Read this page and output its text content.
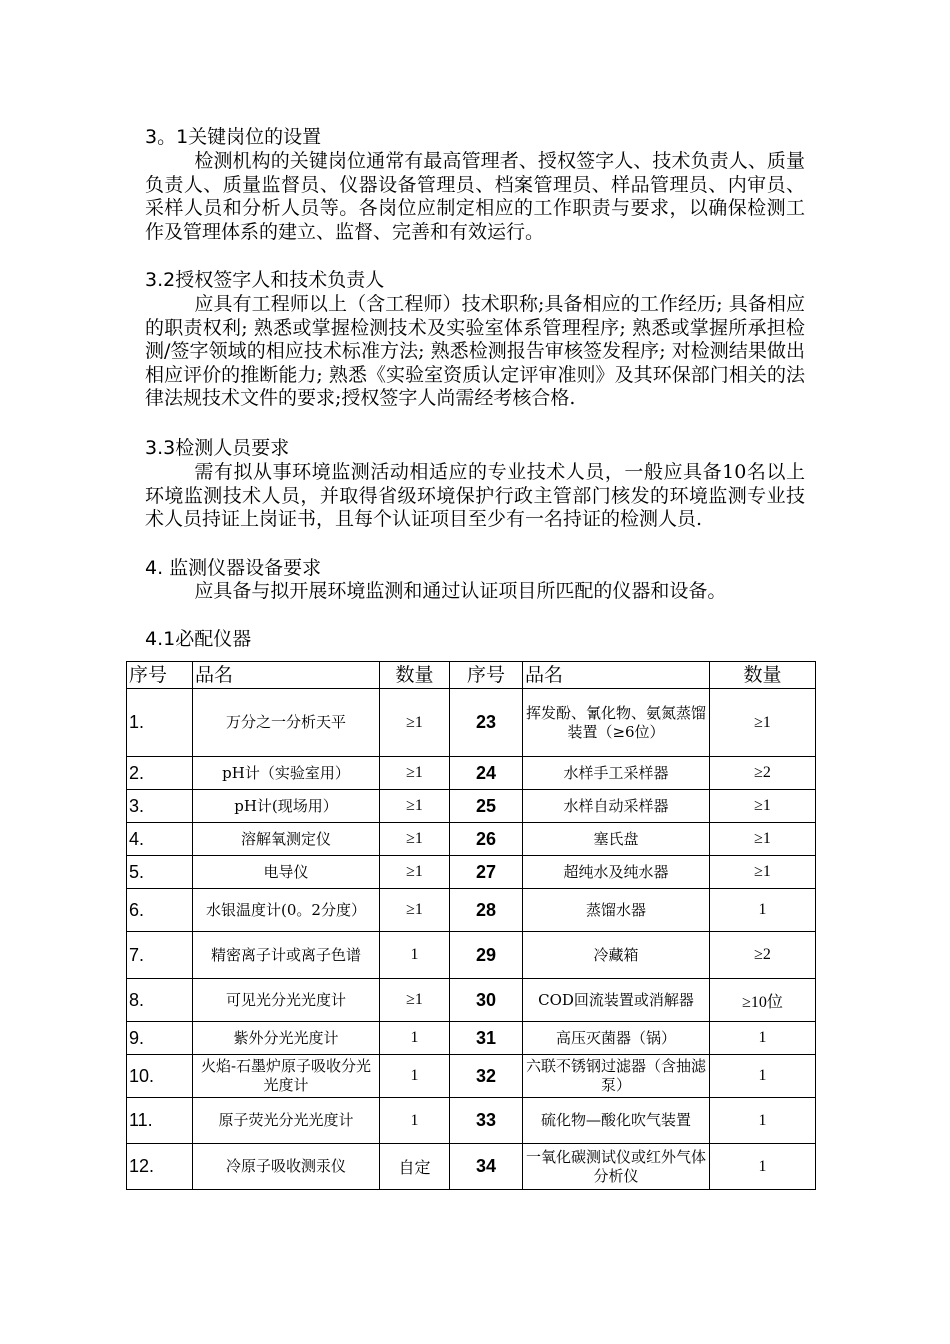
3。1关键岗位的设置

检测机构的关键岗位通常有最高管理者、授权签字人、技术负责人、质量负责人、质量监督员、仪器设备管理员、档案管理员、样品管理员、内审员、采样人员和分析人员等。各岗位应制定相应的工作职责与要求，以确保检测工作及管理体系的建立、监督、完善和有效运行。

3.2授权签字人和技术负责人

应具有工程师以上（含工程师）技术职称;具备相应的工作经历; 具备相应的职责权利; 熟悉或掌握检测技术及实验室体系管理程序; 熟悉或掌握所承担检测/签字领域的相应技术标准方法; 熟悉检测报告审核签发程序; 对检测结果做出相应评价的推断能力; 熟悉《实验室资质认定评审准则》及其环保部门相关的法律法规技术文件的要求;授权签字人尚需经考核合格.

3.3检测人员要求

需有拟从事环境监测活动相适应的专业技术人员，一般应具备10名以上环境监测技术人员，并取得省级环境保护行政主管部门核发的环境监测专业技术人员持证上岗证书，且每个认证项目至少有一名持证的检测人员.

4. 监测仪器设备要求

应具备与拟开展环境监测和通过认证项目所匹配的仪器和设备。

4.1必配仪器
序号	品名	数量	序号	品名	数量
1.	万分之一分析天平	≥1	23	挥发酚、氰化物、氨氮蒸馏装置（≥6位）	≥1
2.	pH计（实验室用）	≥1	24	水样手工采样器	≥2
3.	pH计(现场用）	≥1	25	水样自动采样器	≥1
4.	溶解氧测定仪	≥1	26	塞氏盘	≥1
5.	电导仪	≥1	27	超纯水及纯水器	≥1
6.	水银温度计(0。2分度）	≥1	28	蒸馏水器	1
7.	精密离子计或离子色谱	1	29	冷藏箱	≥2
8.	可见光分光光度计	≥1	30	COD回流装置或消解器	≥10位
9.	紫外分光光度计	1	31	高压灭菌器（锅）	1
10.	火焰-石墨炉原子吸收分光光度计	1	32	六联不锈钢过滤器（含抽滤泵）	1
11.	原子荧光分光光度计	1	33	硫化物—酸化吹气装置	1
12.	冷原子吸收测汞仪	自定	34	一氧化碳测试仪或红外气体分析仪	1
